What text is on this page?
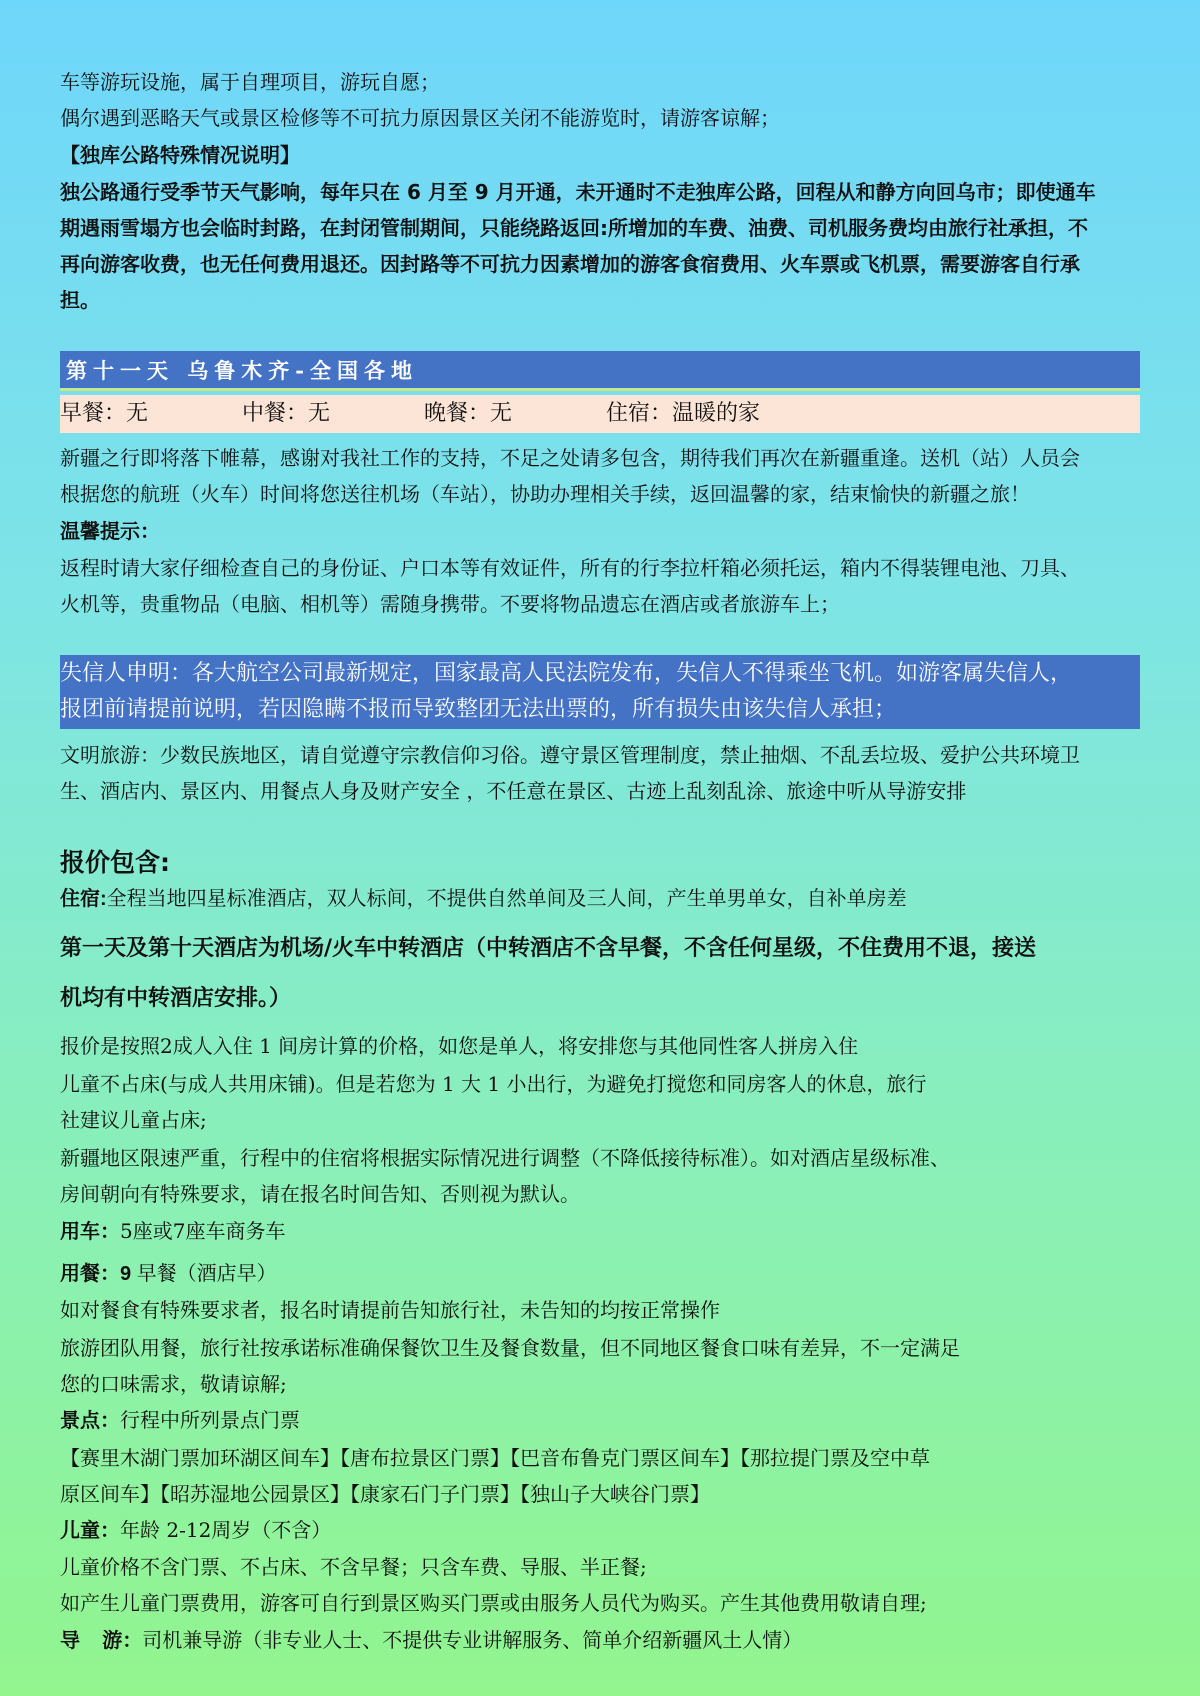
车等游玩设施，属于自理项目，游玩自愿；
偶尔遇到恶略天气或景区检修等不可抗力原因景区关闭不能游览时，请游客谅解；
【独库公路特殊情况说明】
独公路通行受季节天气影响，每年只在 6 月至 9 月开通，未开通时不走独库公路，回程从和静方向回乌市；即使通车
期遇雨雪塌方也会临时封路，在封闭管制期间，只能绕路返回:所增加的车费、油费、司机服务费均由旅行社承担，不
再向游客收费，也无任何费用退还。因封路等不可抗力因素增加的游客食宿费用、火车票或飞机票，需要游客自行承
担。
第十一天 乌鲁木齐-全国各地
早餐：无	中餐：无	晚餐：无	住宿：温暖的家
新疆之行即将落下帷幕，感谢对我社工作的支持，不足之处请多包含，期待我们再次在新疆重逢。送机（站）人员会
根据您的航班（火车）时间将您送往机场（车站），协助办理相关手续，返回温馨的家，结束愉快的新疆之旅！
温馨提示：
返程时请大家仔细检查自己的身份证、户口本等有效证件，所有的行李拉杆箱必须托运，箱内不得装锂电池、刀具、
火机等，贵重物品（电脑、相机等）需随身携带。不要将物品遗忘在酒店或者旅游车上；
失信人申明：各大航空公司最新规定，国家最高人民法院发布，失信人不得乘坐飞机。如游客属失信人，
报团前请提前说明，若因隐瞒不报而导致整团无法出票的，所有损失由该失信人承担；
文明旅游：少数民族地区，请自觉遵守宗教信仰习俗。遵守景区管理制度，禁止抽烟、不乱丢垃圾、爱护公共环境卫
生、酒店内、景区内、用餐点人身及财产安全 ，不任意在景区、古迹上乱刻乱涂、旅途中听从导游安排
报价包含:
住宿:全程当地四星标准酒店，双人标间，不提供自然单间及三人间，产生单男单女，自补单房差
第一天及第十天酒店为机场/火车中转酒店（中转酒店不含早餐，不含任何星级，不住费用不退，接送
机均有中转酒店安排。）
报价是按照2成人入住 1 间房计算的价格，如您是单人，将安排您与其他同性客人拼房入住
儿童不占床(与成人共用床铺)。但是若您为 1 大 1 小出行，为避免打搅您和同房客人的休息，旅行
社建议儿童占床;
新疆地区限速严重，行程中的住宿将根据实际情况进行调整（不降低接待标准）。如对酒店星级标准、
房间朝向有特殊要求，请在报名时间告知、否则视为默认。
用车：5座或7座车商务车
用餐：9 早餐（酒店早）
如对餐食有特殊要求者，报名时请提前告知旅行社，未告知的均按正常操作
旅游团队用餐，旅行社按承诺标准确保餐饮卫生及餐食数量，但不同地区餐食口味有差异，不一定满足
您的口味需求，敬请谅解;
景点：行程中所列景点门票
【赛里木湖门票加环湖区间车】【唐布拉景区门票】【巴音布鲁克门票区间车】【那拉提门票及空中草
原区间车】【昭苏湿地公园景区】【康家石门子门票】【独山子大峡谷门票】
儿童：年龄 2-12周岁（不含）
儿童价格不含门票、不占床、不含早餐；只含车费、导服、半正餐;
如产生儿童门票费用，游客可自行到景区购买门票或由服务人员代为购买。产生其他费用敬请自理;
导    游：司机兼导游（非专业人士、不提供专业讲解服务、简单介绍新疆风土人情）
